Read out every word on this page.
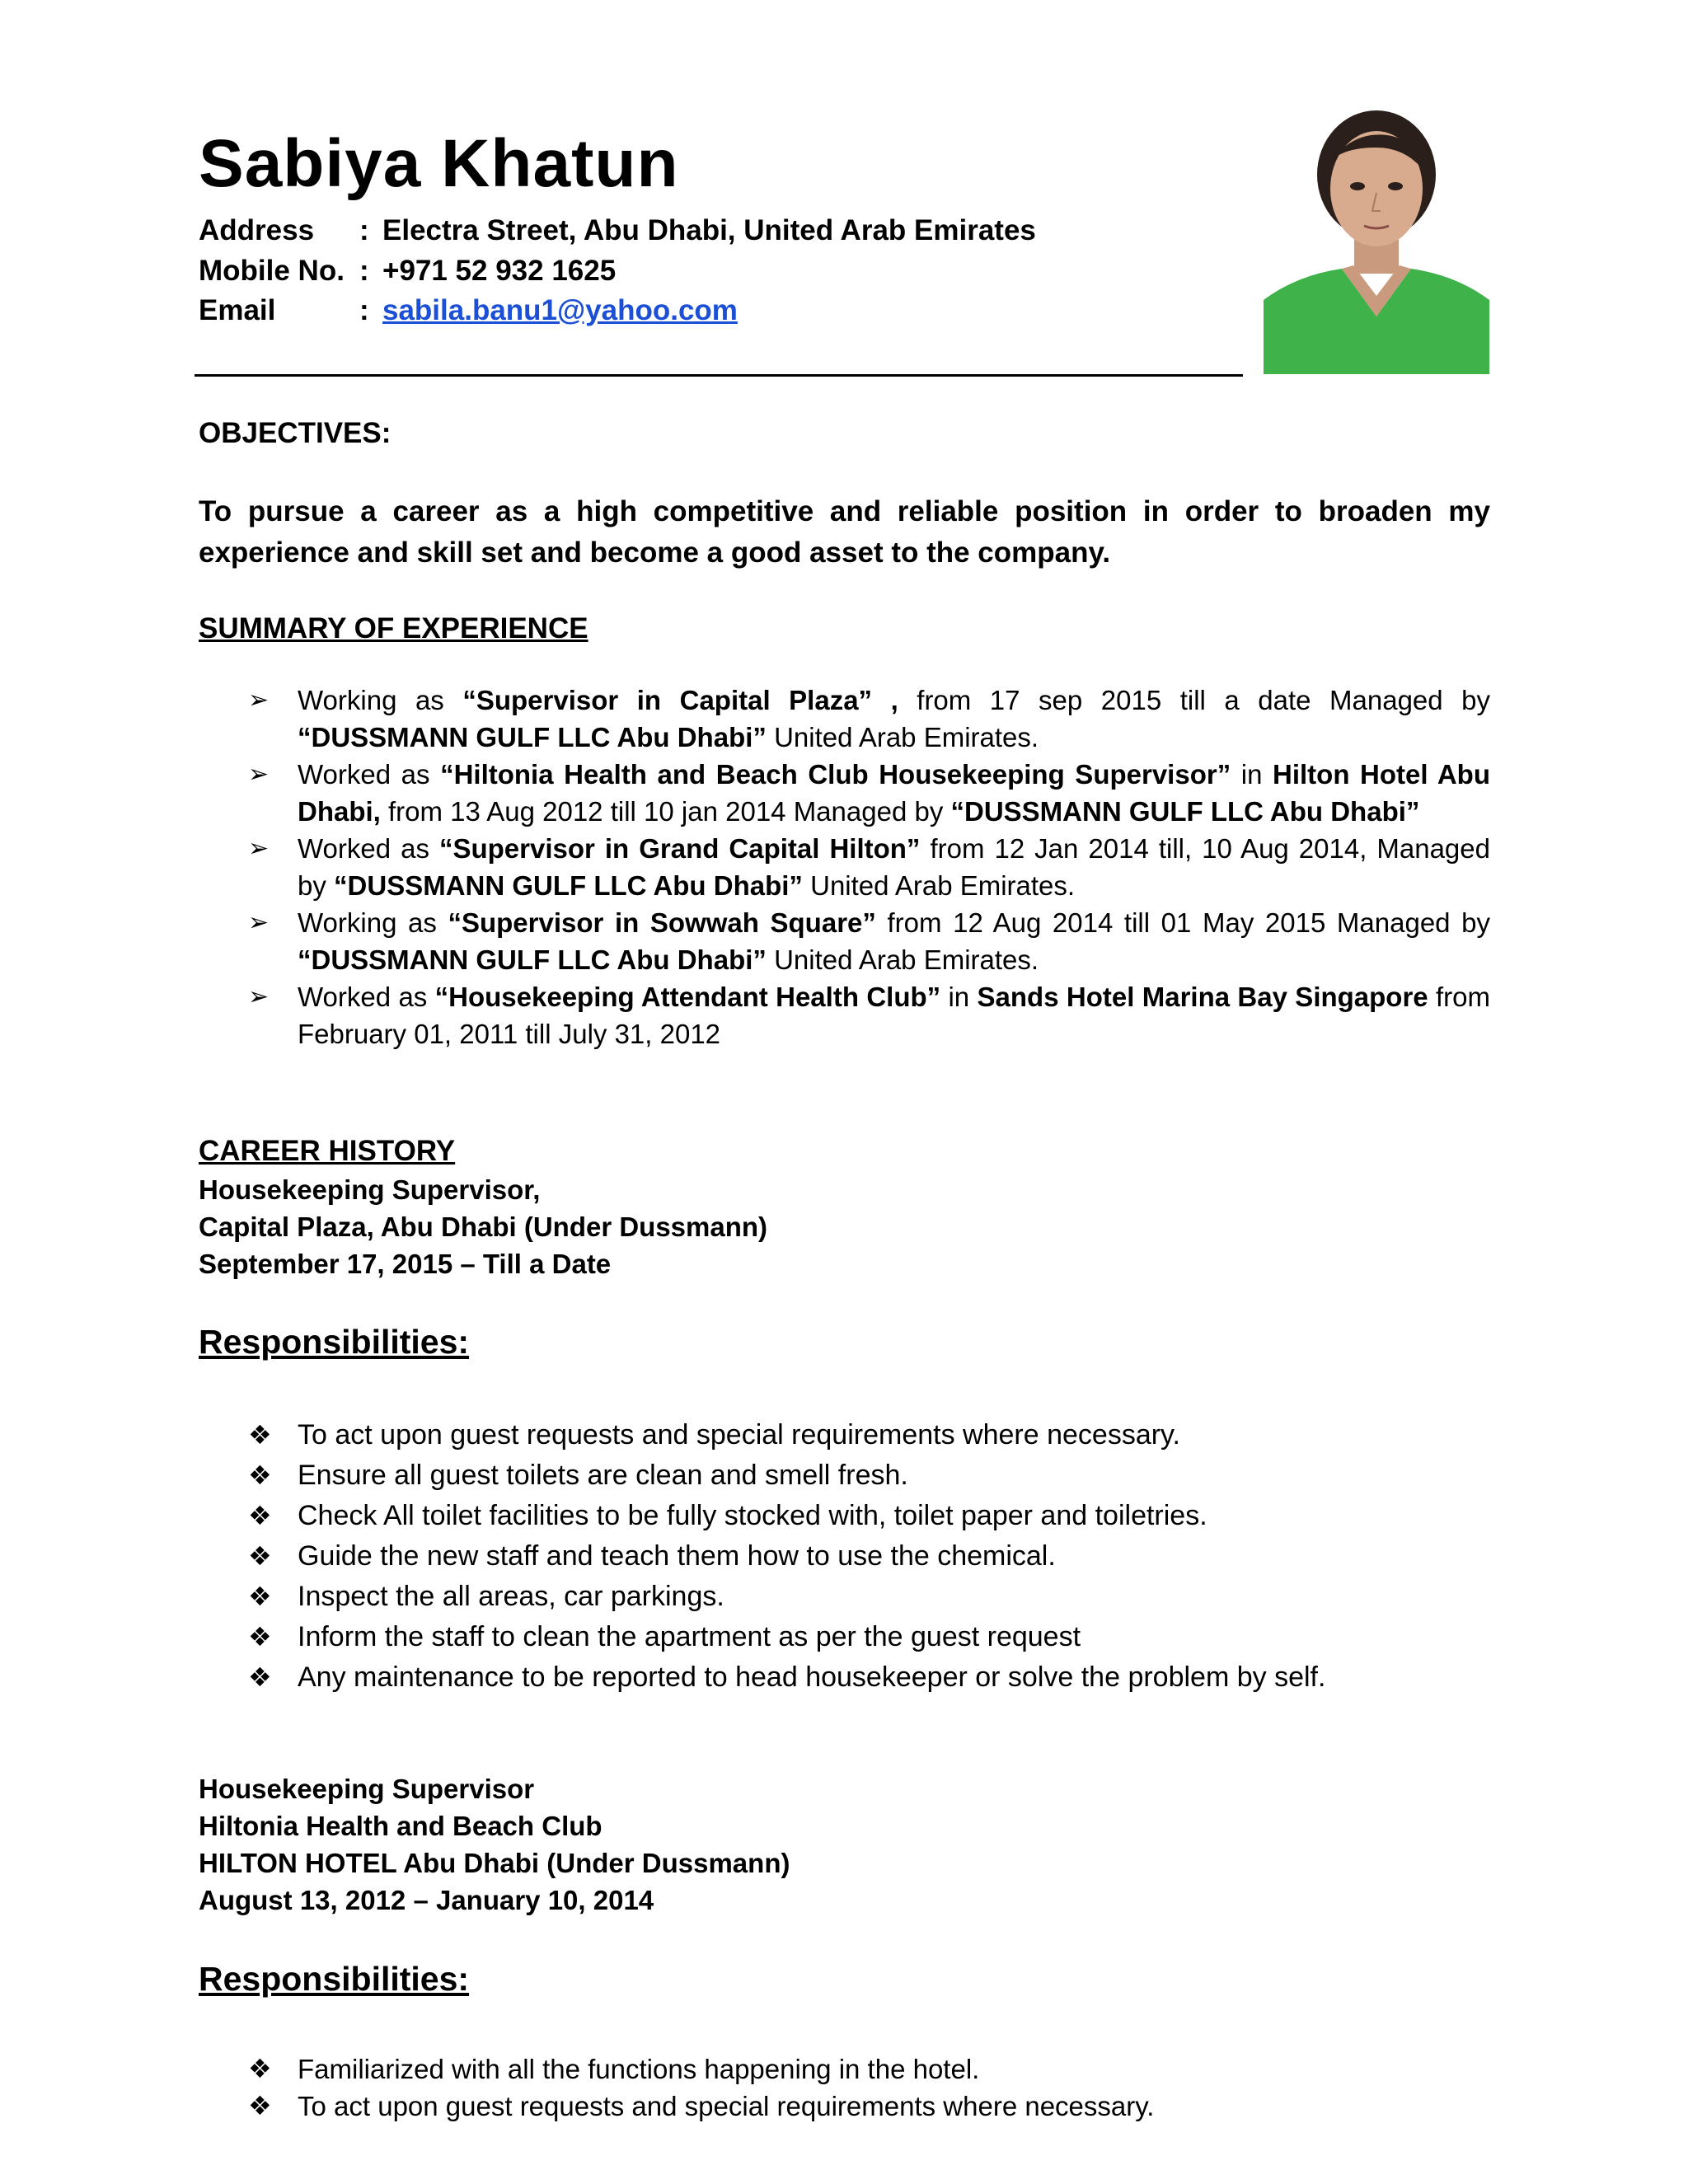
Sabiya Khatun
Address : Electra Street, Abu Dhabi, United Arab Emirates
Mobile No. : +971 52 932 1625
Email	: sabila.banu1@yahoo.com
OBJECTIVES:
To pursue a career as a high competitive and reliable position in order to broaden my experience and skill set and become a good asset to the company.
SUMMARY OF EXPERIENCE
➢ Working as “Supervisor in Capital Plaza” , from 17 sep 2015 till a date Managed by “DUSSMANN GULF LLC Abu Dhabi” United Arab Emirates.
➢ Worked as “Hiltonia Health and Beach Club Housekeeping Supervisor” in Hilton Hotel Abu Dhabi, from 13 Aug 2012 till 10 jan 2014 Managed by “DUSSMANN GULF LLC Abu Dhabi”
➢ Worked as “Supervisor in Grand Capital Hilton” from 12 Jan 2014 till, 10 Aug 2014, Managed by “DUSSMANN GULF LLC Abu Dhabi” United Arab Emirates.
➢ Working as “Supervisor in Sowwah Square” from 12 Aug 2014 till 01 May 2015 Managed by “DUSSMANN GULF LLC Abu Dhabi” United Arab Emirates.
➢ Worked as “Housekeeping Attendant Health Club” in Sands Hotel Marina Bay Singapore from February 01, 2011 till July 31, 2012
CAREER HISTORY
Housekeeping Supervisor,
Capital Plaza, Abu Dhabi (Under Dussmann)
September 17, 2015 – Till a Date
Responsibilities:
❖ To act upon guest requests and special requirements where necessary.
❖ Ensure all guest toilets are clean and smell fresh.
❖ Check All toilet facilities to be fully stocked with, toilet paper and toiletries.
❖ Guide the new staff and teach them how to use the chemical.
❖ Inspect the all areas, car parkings.
❖ Inform the staff to clean the apartment as per the guest request
❖ Any maintenance to be reported to head housekeeper or solve the problem by self.
Housekeeping Supervisor
Hiltonia Health and Beach Club
HILTON HOTEL Abu Dhabi (Under Dussmann)
August 13, 2012 – January 10, 2014
Responsibilities:
❖ Familiarized with all the functions happening in the hotel.
❖ To act upon guest requests and special requirements where necessary.
